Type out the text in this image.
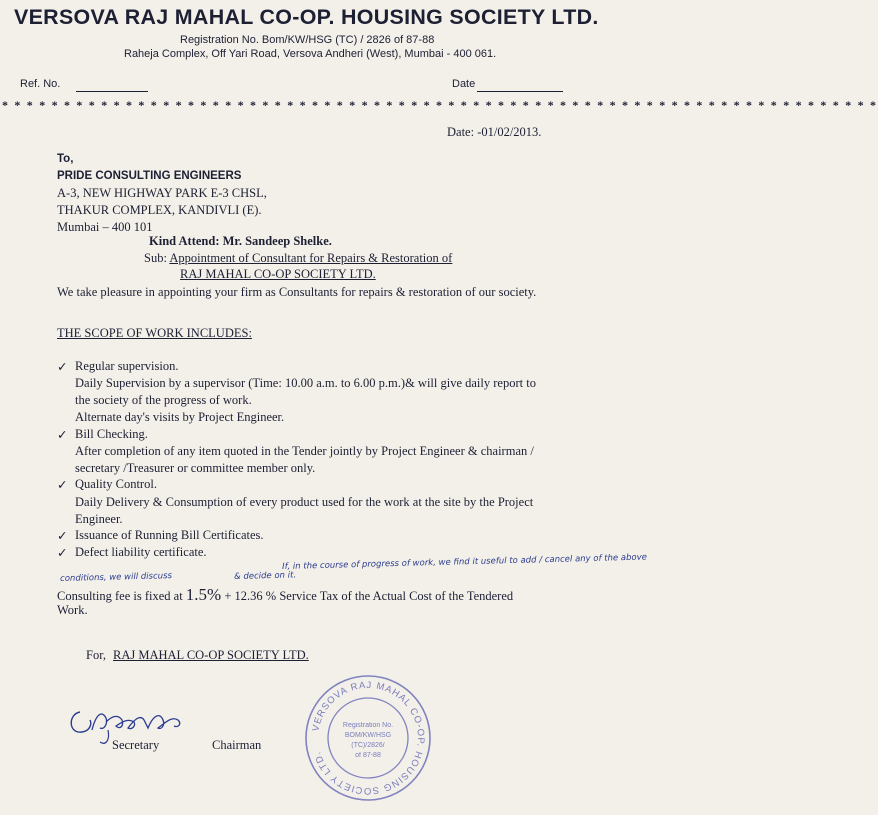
VERSOVA RAJ MAHAL CO-OP. HOUSING SOCIETY LTD.
Registration No. Bom/KW/HSG (TC) / 2826 of 87-88
Raheja Complex, Off Yari Road, Versova Andheri (West), Mumbai - 400 061.
Ref. No.	Date
* * * * * * * * * * * * * * * * * * * * * * * * * * * * * * * * * * * * * * * * * * * * * * * * * * * * * * * * * * * * * * * * * * * * * * *
Date: -01/02/2013.
To,
PRIDE CONSULTING ENGINEERS
A-3, NEW HIGHWAY PARK E-3 CHSL,
THAKUR COMPLEX, KANDIVLI (E).
Mumbai – 400 101
Kind Attend: Mr. Sandeep Shelke.
Sub: Appointment of Consultant for Repairs & Restoration of
RAJ MAHAL CO-OP SOCIETY LTD.
We take pleasure in appointing your firm as Consultants for repairs & restoration of our society.
THE SCOPE OF WORK INCLUDES:
✓ Regular supervision.
Daily Supervision by a supervisor (Time: 10.00 a.m. to 6.00 p.m.)& will give daily report to
the society of the progress of work.
Alternate day's visits by Project Engineer.
✓ Bill Checking.
After completion of any item quoted in the Tender jointly by Project Engineer & chairman /
secretary /Treasurer or committee member only.
✓ Quality Control.
Daily Delivery & Consumption of every product used for the work at the site by the Project
Engineer.
✓ Issuance of Running Bill Certificates.
✓ Defect liability certificate.
If, in the course of progress of work, we find it useful to add / cancel any of the above
conditions, we will discuss	& decide on it.
Consulting fee is fixed at 1.5% + 12.36 % Service Tax of the Actual Cost of the Tendered
Work.
For, RAJ MAHAL CO-OP SOCIETY LTD.
Secretary	Chairman
VERSOVA RAJ MAHAL CO-OP. HOUSING SOCIETY LTD.
Registration No.
BOM/KW/HSG
(TC)/2826/
of 87-88
